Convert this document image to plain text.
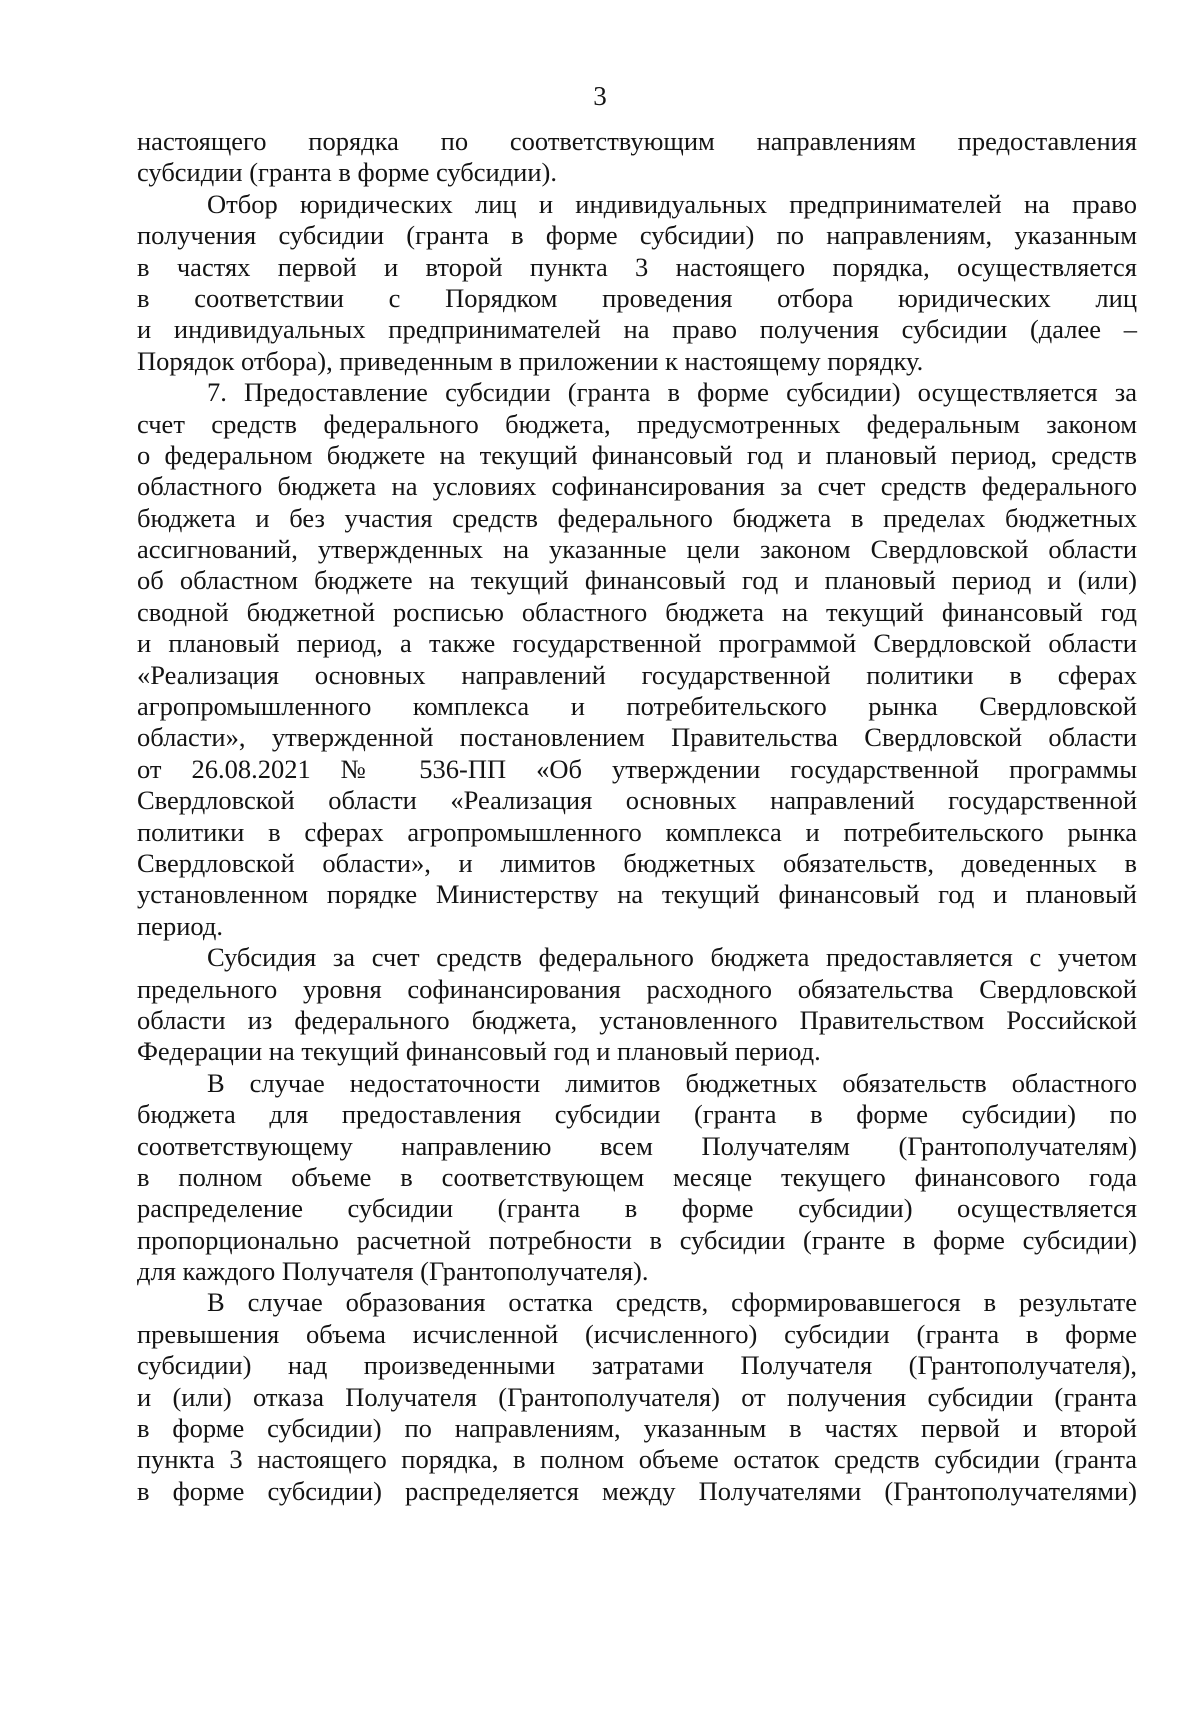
3
настоящего порядка по соответствующим направлениям предоставления
субсидии (гранта в форме субсидии).
Отбор юридических лиц и индивидуальных предпринимателей на право
получения субсидии (гранта в форме субсидии) по направлениям, указанным
в частях первой и второй пункта 3 настоящего порядка, осуществляется
в соответствии с Порядком проведения отбора юридических лиц
и индивидуальных предпринимателей на право получения субсидии (далее –
Порядок отбора), приведенным в приложении к настоящему порядку.
7. Предоставление субсидии (гранта в форме субсидии) осуществляется за
счет средств федерального бюджета, предусмотренных федеральным законом
о федеральном бюджете на текущий финансовый год и плановый период, средств
областного бюджета на условиях софинансирования за счет средств федерального
бюджета и без участия средств федерального бюджета в пределах бюджетных
ассигнований, утвержденных на указанные цели законом Свердловской области
об областном бюджете на текущий финансовый год и плановый период и (или)
сводной бюджетной росписью областного бюджета на текущий финансовый год
и плановый период, а также государственной программой Свердловской области
«Реализация основных направлений государственной политики в сферах
агропромышленного комплекса и потребительского рынка Свердловской
области», утвержденной постановлением Правительства Свердловской области
от 26.08.2021 № 536-ПП «Об утверждении государственной программы
Свердловской области «Реализация основных направлений государственной
политики в сферах агропромышленного комплекса и потребительского рынка
Свердловской области», и лимитов бюджетных обязательств, доведенных в
установленном порядке Министерству на текущий финансовый год и плановый
период.
Субсидия за счет средств федерального бюджета предоставляется с учетом
предельного уровня софинансирования расходного обязательства Свердловской
области из федерального бюджета, установленного Правительством Российской
Федерации на текущий финансовый год и плановый период.
В случае недостаточности лимитов бюджетных обязательств областного
бюджета для предоставления субсидии (гранта в форме субсидии) по
соответствующему направлению всем Получателям (Грантополучателям)
в полном объеме в соответствующем месяце текущего финансового года
распределение субсидии (гранта в форме субсидии) осуществляется
пропорционально расчетной потребности в субсидии (гранте в форме субсидии)
для каждого Получателя (Грантополучателя).
В случае образования остатка средств, сформировавшегося в результате
превышения объема исчисленной (исчисленного) субсидии (гранта в форме
субсидии) над произведенными затратами Получателя (Грантополучателя),
и (или) отказа Получателя (Грантополучателя) от получения субсидии (гранта
в форме субсидии) по направлениям, указанным в частях первой и второй
пункта 3 настоящего порядка, в полном объеме остаток средств субсидии (гранта
в форме субсидии) распределяется между Получателями (Грантополучателями)
